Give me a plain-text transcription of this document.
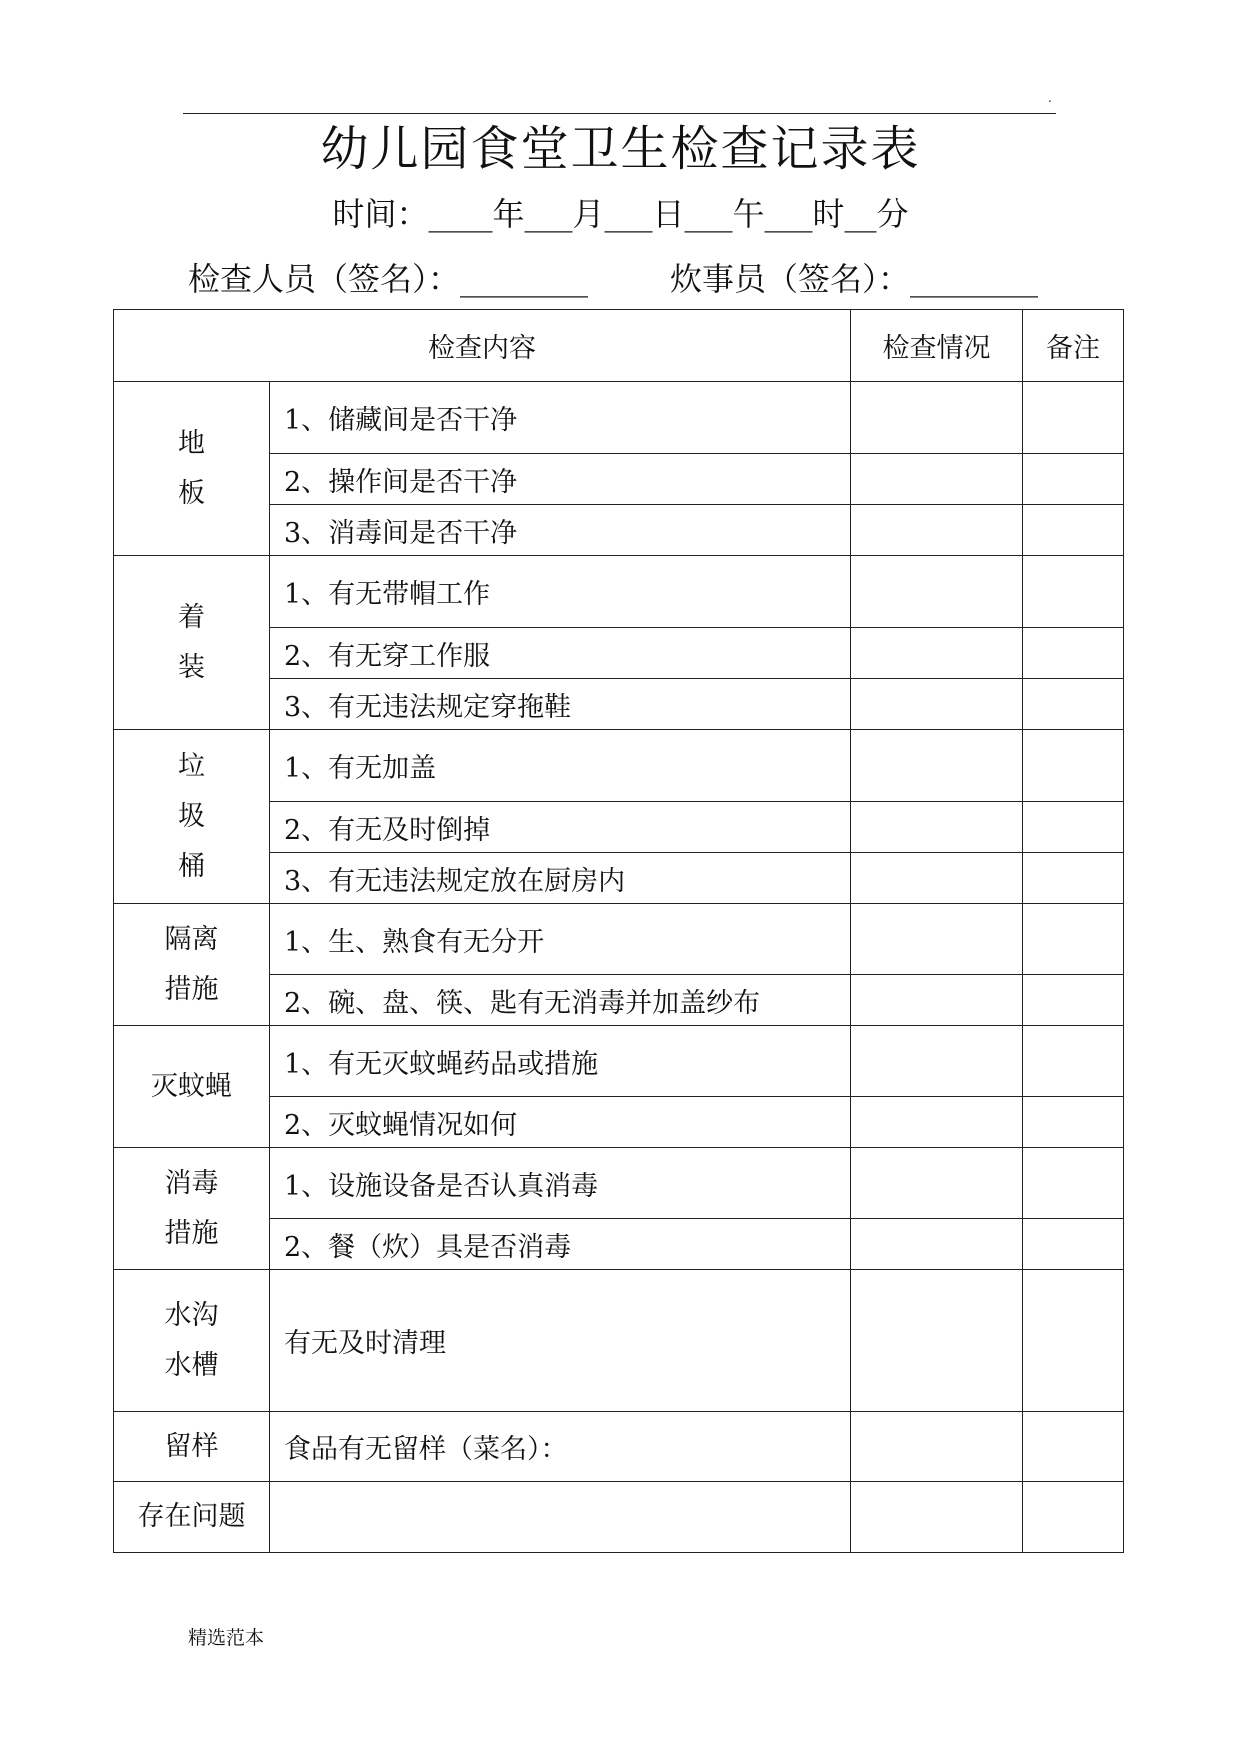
.
幼儿园食堂卫生检查记录表
时间：____年___月___日___午___时__分
检查人员（签名）：________	炊事员（签名）：________
检查内容		检查情况	备注

地
板	1、储藏间是否干净		
	2、操作间是否干净		
	3、消毒间是否干净		

着
装	1、有无带帽工作		
	2、有无穿工作服		
	3、有无违法规定穿拖鞋		

垃
圾
桶	1、有无加盖		
	2、有无及时倒掉		
	3、有无违法规定放在厨房内		

隔离
措施	1、生、熟食有无分开		
	2、碗、盘、筷、匙有无消毒并加盖纱布		

灭蚊蝇	1、有无灭蚊蝇药品或措施		
	2、灭蚊蝇情况如何		

消毒
措施	1、设施设备是否认真消毒		
	2、餐（炊）具是否消毒		

水沟
水槽	有无及时清理		

留样	食品有无留样（菜名）：		

存在问题			

精选范本
